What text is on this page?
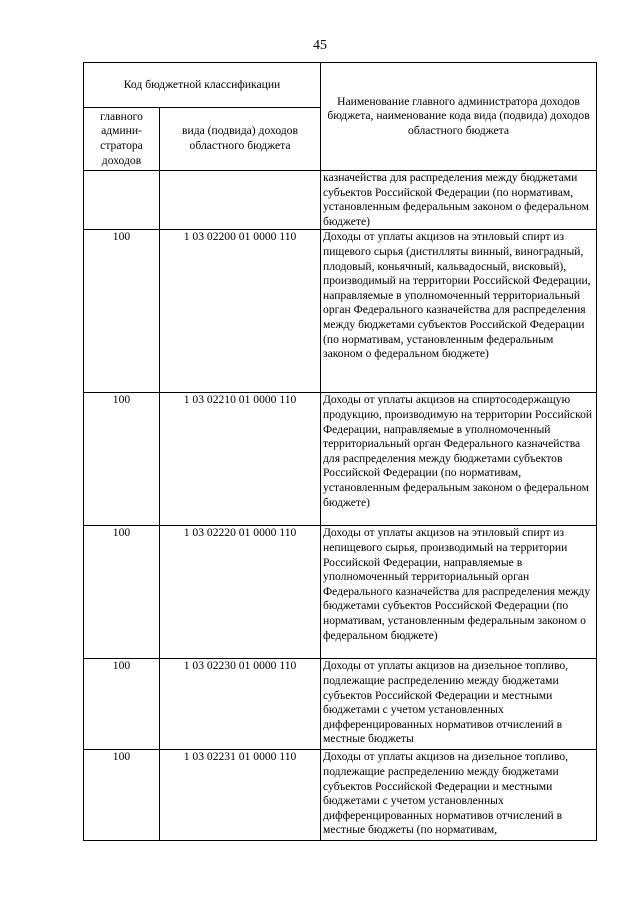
45
Код бюджетной классификации		Наименование главного администратора доходов бюджета, наименование кода вида (подвида) доходов областного бюджета
главного админи-стратора доходов	вида (подвида) доходов областного бюджета	
		казначейства для распределения между бюджетами субъектов Российской Федерации (по нормативам, установленным федеральным законом о федеральном бюджете)
100	1 03 02200 01 0000 110	Доходы от уплаты акцизов на этиловый спирт из пищевого сырья (дистилляты винный, виноградный, плодовый, коньячный, кальвадосный, висковый), производимый на территории Российской Федерации, направляемые в уполномоченный территориальный орган Федерального казначейства для распределения между бюджетами субъектов Российской Федерации (по нормативам, установленным федеральным законом о федеральном бюджете)
100	1 03 02210 01 0000 110	Доходы от уплаты акцизов на спиртосодержащую продукцию, производимую на территории Российской Федерации, направляемые в уполномоченный территориальный орган Федерального казначейства для распределения между бюджетами субъектов Российской Федерации (по нормативам, установленным федеральным законом о федеральном бюджете)
100	1 03 02220 01 0000 110	Доходы от уплаты акцизов на этиловый спирт из непищевого сырья, производимый на территории Российской Федерации, направляемые в уполномоченный территориальный орган Федерального казначейства для распределения между бюджетами субъектов Российской Федерации (по нормативам, установленным федеральным законом о федеральном бюджете)
100	1 03 02230 01 0000 110	Доходы от уплаты акцизов на дизельное топливо, подлежащие распределению между бюджетами субъектов Российской Федерации и местными бюджетами с учетом установленных дифференцированных нормативов отчислений в местные бюджеты
100	1 03 02231 01 0000 110	Доходы от уплаты акцизов на дизельное топливо, подлежащие распределению между бюджетами субъектов Российской Федерации и местными бюджетами с учетом установленных дифференцированных нормативов отчислений в местные бюджеты (по нормативам,
